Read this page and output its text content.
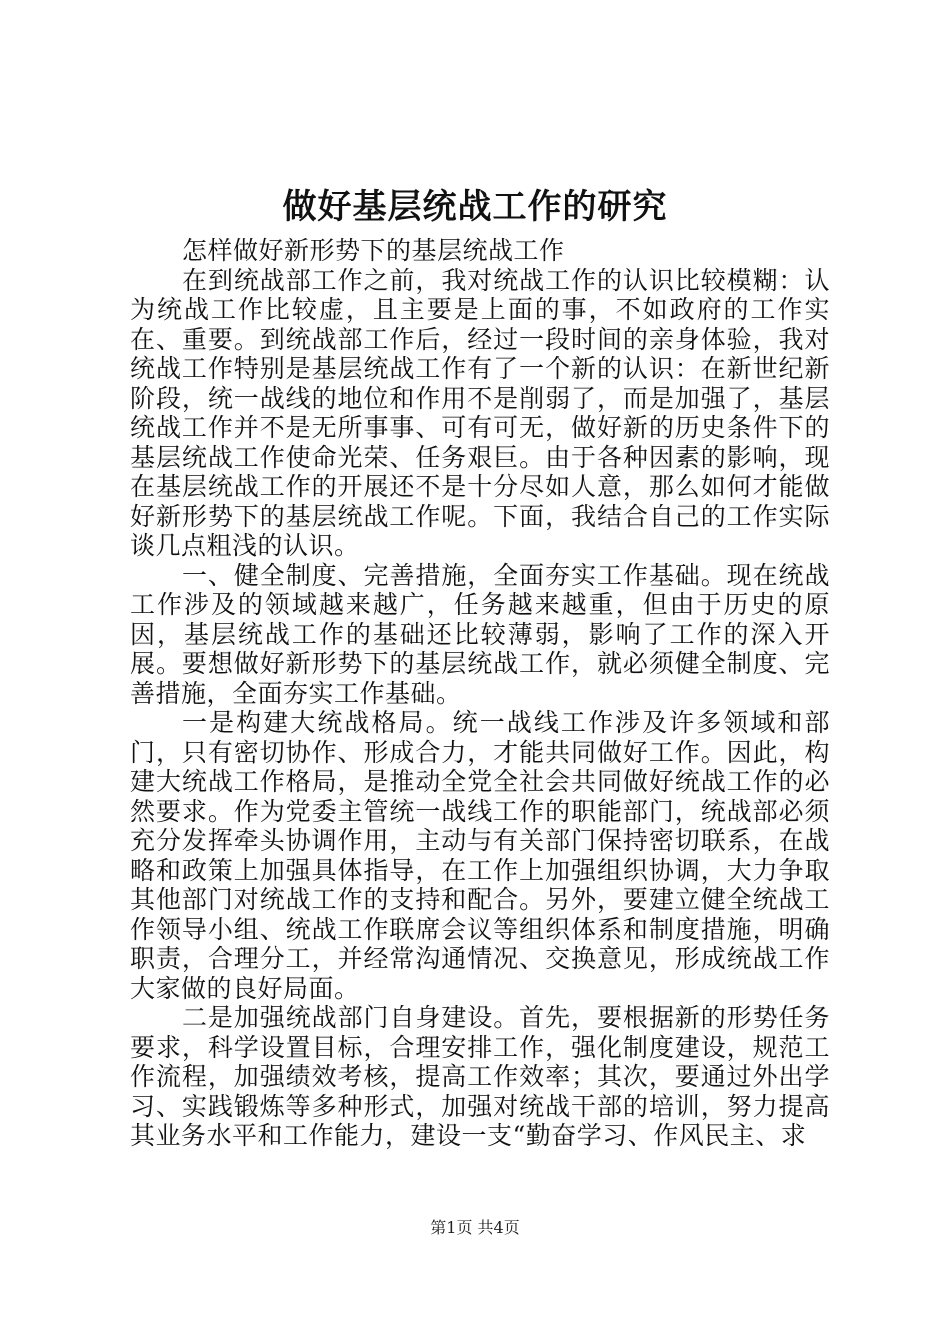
做好基层统战工作的研究

怎样做好新形势下的基层统战工作

在到统战部工作之前，我对统战工作的认识比较模糊：认为统战工作比较虚，且主要是上面的事，不如政府的工作实在、重要。到统战部工作后，经过一段时间的亲身体验，我对统战工作特别是基层统战工作有了一个新的认识：在新世纪新阶段，统一战线的地位和作用不是削弱了，而是加强了，基层统战工作并不是无所事事、可有可无，做好新的历史条件下的基层统战工作使命光荣、任务艰巨。由于各种因素的影响，现在基层统战工作的开展还不是十分尽如人意，那么如何才能做好新形势下的基层统战工作呢。下面，我结合自己的工作实际谈几点粗浅的认识。

一、健全制度、完善措施，全面夯实工作基础。现在统战工作涉及的领域越来越广，任务越来越重，但由于历史的原因，基层统战工作的基础还比较薄弱，影响了工作的深入开展。要想做好新形势下的基层统战工作，就必须健全制度、完善措施，全面夯实工作基础。

一是构建大统战格局。统一战线工作涉及许多领域和部门，只有密切协作、形成合力，才能共同做好工作。因此，构建大统战工作格局，是推动全党全社会共同做好统战工作的必然要求。作为党委主管统一战线工作的职能部门，统战部必须充分发挥牵头协调作用，主动与有关部门保持密切联系，在战略和政策上加强具体指导，在工作上加强组织协调，大力争取其他部门对统战工作的支持和配合。另外，要建立健全统战工作领导小组、统战工作联席会议等组织体系和制度措施，明确职责，合理分工，并经常沟通情况、交换意见，形成统战工作大家做的良好局面。

二是加强统战部门自身建设。首先，要根据新的形势任务要求，科学设置目标，合理安排工作，强化制度建设，规范工作流程，加强绩效考核，提高工作效率；其次，要通过外出学习、实践锻炼等多种形式，加强对统战干部的培训，努力提高其业务水平和工作能力，建设一支“勤奋学习、作风民主、求

第1页 共4页
